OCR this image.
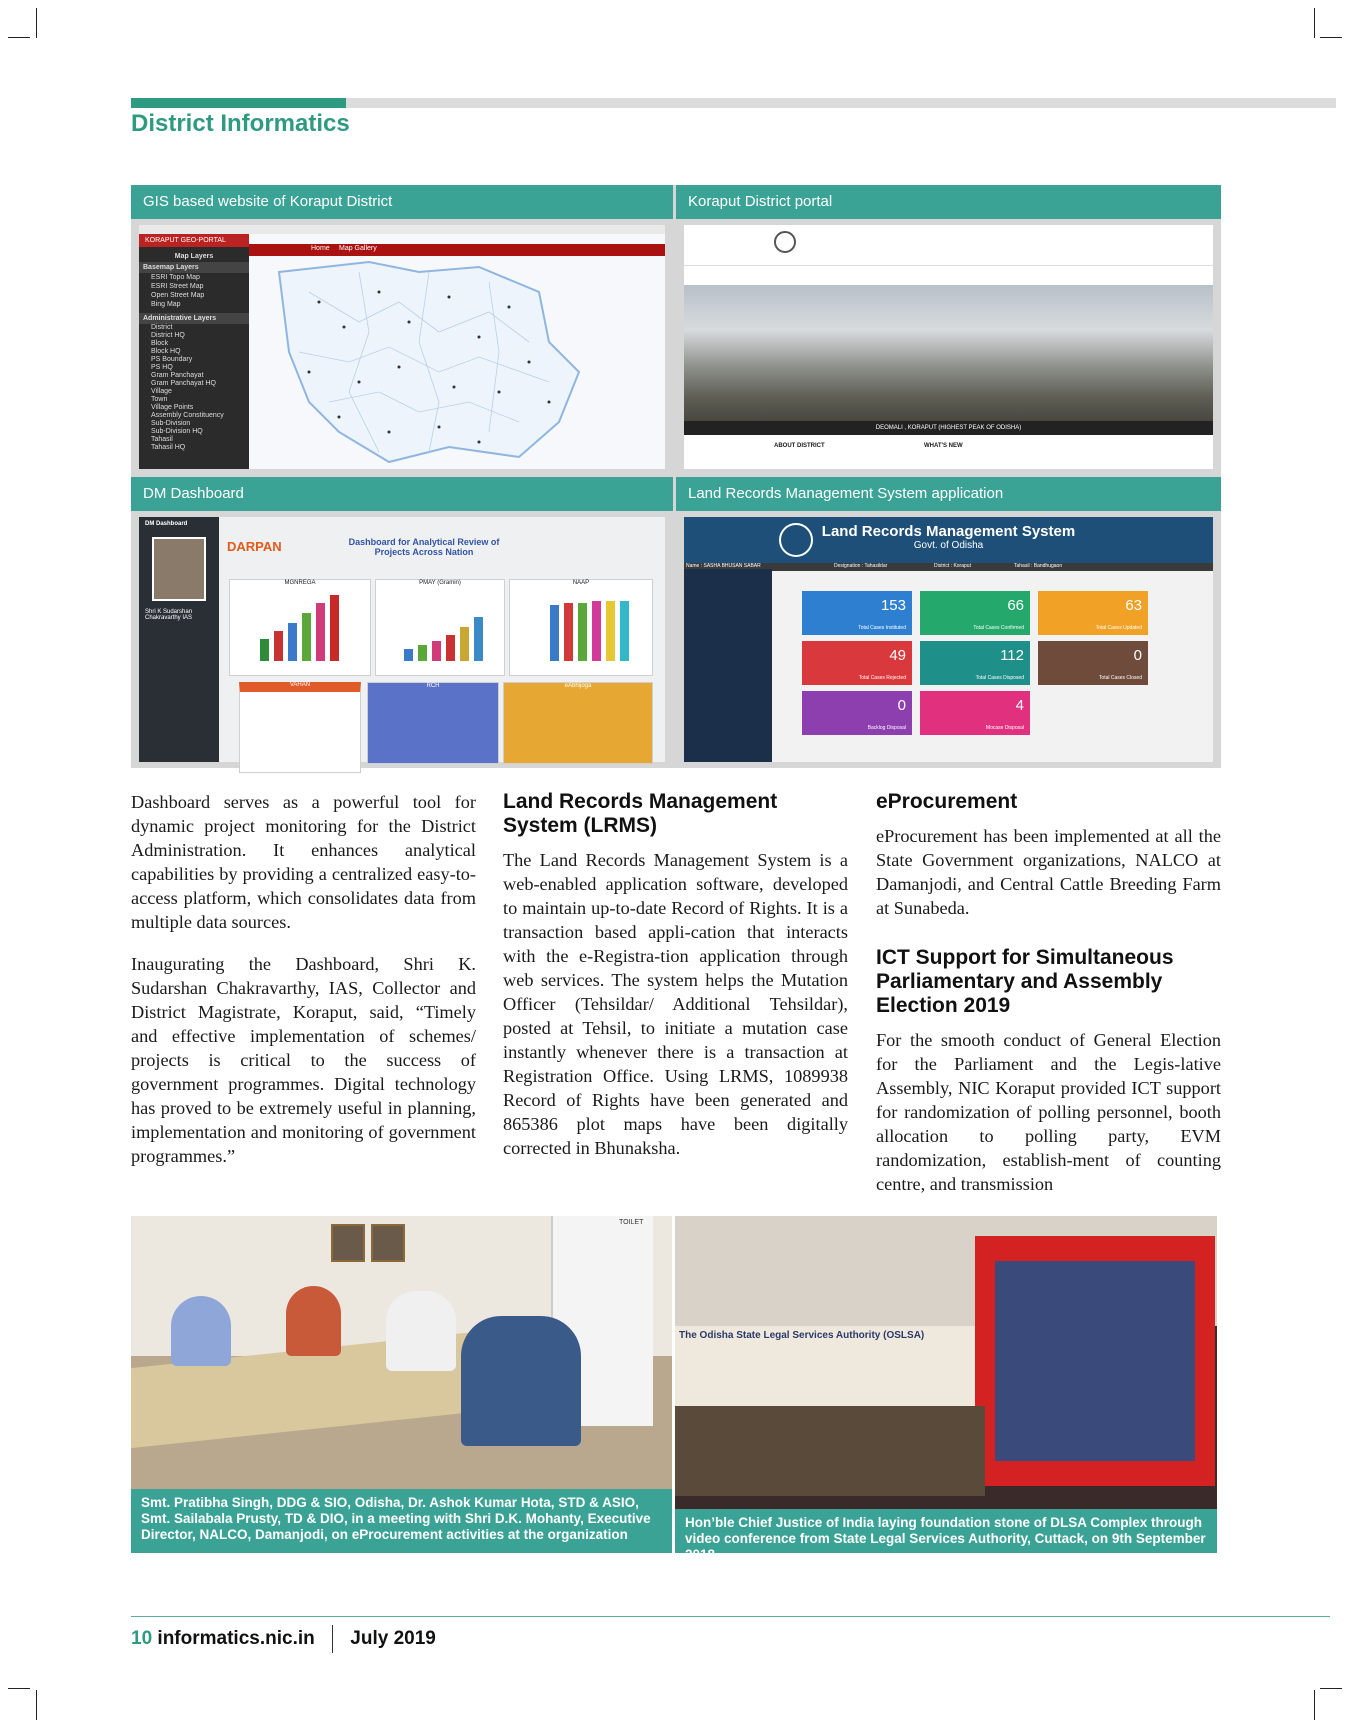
District Informatics
GIS based website of Koraput District
KORAPUT GEO-PORTAL
Map Layers
Basemap Layers
ESRI Topo Map
ESRI Street Map
Open Street Map
Bing Map
Administrative Layers
District
District HQ
Block
Block HQ
PS Boundary
PS HQ
Gram Panchayat
Gram Panchayat HQ
Village
Town
Village Points
Assembly Constituency
Sub-Division
Sub-Division HQ
Tahasil
Tahasil HQ
Home Map Gallery
Koraput District portal
DEOMALI , KORAPUT (HIGHEST PEAK OF ODISHA)
ABOUT DISTRICT	WHAT'S NEW
DM Dashboard
DM Dashboard
Shri K Sudarshan Chakravarthy IAS
DARPAN	Dashboard for Analytical Review of Projects Across Nation
MGNREGA	PMAY (Gramin)	NAAP
VAHAN	RCH	eAbhijoga
Land Records Management System application
Land Records Management System
Govt. of Odisha
Name : SASHA BHUSAN SABAR	Designation : Tahasildar	District : Koraput	Tahasil : Bandhugaon
153
Total Cases Instituted
66
Total Cases Confirmed
63
Total Cases Updated
49
Total Cases Rejected
112
Total Cases Disposed
0
Total Cases Closed
0
Backlog Disposal
4
Mocase Disposal

Dashboard serves as a powerful tool for dynamic project monitoring for the District Administration. It enhances analytical capabilities by providing a centralized easy-to-access platform, which consolidates data from multiple data sources.

Inaugurating the Dashboard, Shri K. Sudarshan Chakravarthy, IAS, Collector and District Magistrate, Koraput, said, “Timely and effective implementation of schemes/ projects is critical to the success of government programmes. Digital technology has proved to be extremely useful in planning, implementation and monitoring of government programmes.”

Land Records Management System (LRMS)

The Land Records Management System is a web-enabled application software, developed to maintain up-to-date Record of Rights. It is a transaction based appli-cation that interacts with the e-Registra-tion application through web services. The system helps the Mutation Officer (Tehsildar/ Additional Tehsildar), posted at Tehsil, to initiate a mutation case instantly whenever there is a transaction at Registration Office. Using LRMS, 1089938 Record of Rights have been generated and 865386 plot maps have been digitally corrected in Bhunaksha.

eProcurement

eProcurement has been implemented at all the State Government organizations, NALCO at Damanjodi, and Central Cattle Breeding Farm at Sunabeda.

ICT Support for Simultaneous Parliamentary and Assembly Election 2019

For the smooth conduct of General Election for the Parliament and the Legis-lative Assembly, NIC Koraput provided ICT support for randomization of polling personnel, booth allocation to polling party, EVM randomization, establish-ment of counting centre, and transmission

TOILET
Smt. Pratibha Singh, DDG & SIO, Odisha, Dr. Ashok Kumar Hota, STD & ASIO, Smt. Sailabala Prusty, TD & DIO, in a meeting with Shri D.K. Mohanty, Executive Director, NALCO, Damanjodi, on eProcurement activities at the organization
The Odisha State Legal Services Authority (OSLSA)
Hon’ble Chief Justice of India laying foundation stone of DLSA Complex through video conference from State Legal Services Authority, Cuttack, on 9th September 2018
10 informatics.nic.in July 2019
